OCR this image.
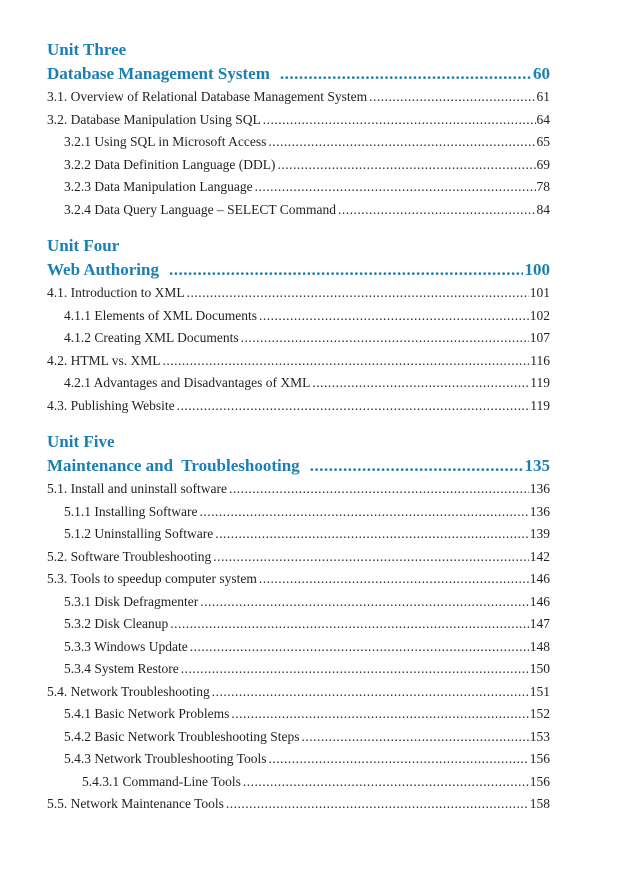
Unit Three
Database Management System .....	60
3.1. Overview of Relational Database Management System .....	61
3.2. Database Manipulation Using SQL .....	64
3.2.1 Using SQL in Microsoft Access .....	65
3.2.2 Data Definition Language (DDL) .....	69
3.2.3 Data Manipulation Language .....	78
3.2.4 Data Query Language – SELECT Command .....	84
Unit Four
Web Authoring .....	100
4.1. Introduction to XML .....	101
4.1.1 Elements of XML Documents .....	102
4.1.2 Creating XML Documents .....	107
4.2. HTML vs. XML .....	116
4.2.1 Advantages and Disadvantages of XML .....	119
4.3. Publishing Website .....	119
Unit Five
Maintenance and  Troubleshooting .....	135
5.1. Install and uninstall software .....	136
5.1.1 Installing Software .....	136
5.1.2 Uninstalling Software .....	139
5.2. Software Troubleshooting .....	142
5.3. Tools to speedup computer system .....	146
5.3.1 Disk Defragmenter .....	146
5.3.2 Disk Cleanup .....	147
5.3.3 Windows Update .....	148
5.3.4 System Restore .....	150
5.4. Network Troubleshooting .....	151
5.4.1 Basic Network Problems .....	152
5.4.2 Basic Network Troubleshooting Steps .....	153
5.4.3 Network Troubleshooting Tools .....	156
5.4.3.1 Command-Line Tools .....	156
5.5. Network Maintenance Tools .....	158
